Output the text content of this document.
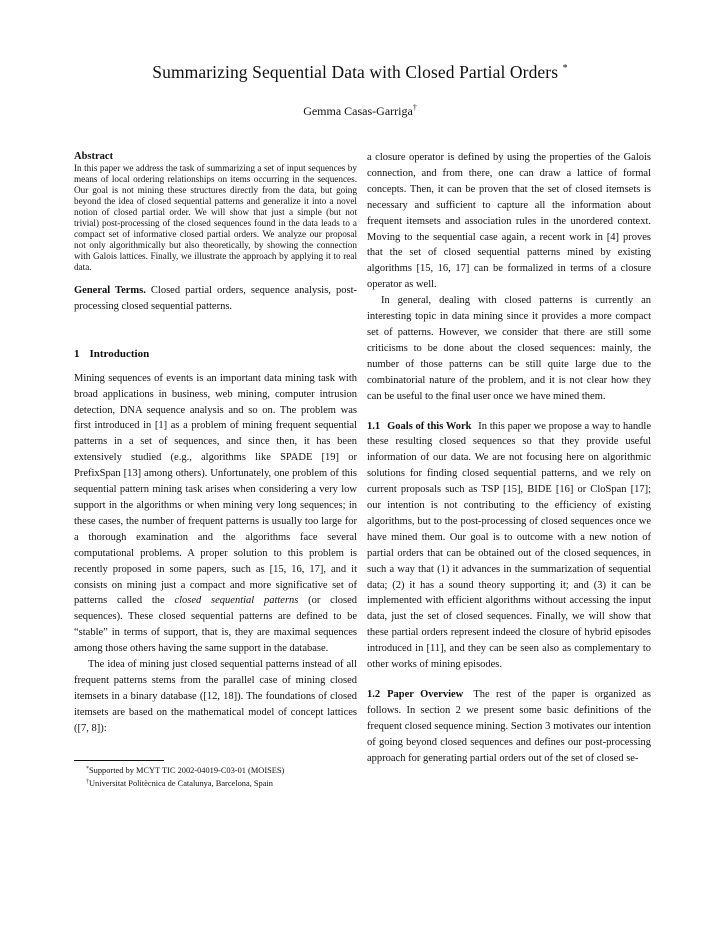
Summarizing Sequential Data with Closed Partial Orders *
Gemma Casas-Garriga†

Abstract

In this paper we address the task of summarizing a set of input sequences by means of local ordering relationships on items occurring in the sequences. Our goal is not mining these structures directly from the data, but going beyond the idea of closed sequential patterns and generalize it into a novel notion of closed partial order. We will show that just a simple (but not trivial) post-processing of the closed sequences found in the data leads to a compact set of informative closed partial orders. We analyze our proposal not only algorithmically but also theoretically, by showing the connection with Galois lattices. Finally, we illustrate the approach by applying it to real data.

General Terms. Closed partial orders, sequence analysis, post-processing closed sequential patterns.

1 Introduction

Mining sequences of events is an important data mining task with broad applications in business, web mining, computer intrusion detection, DNA sequence analysis and so on. The problem was first introduced in [1] as a problem of mining frequent sequential patterns in a set of sequences, and since then, it has been extensively studied (e.g., algorithms like SPADE [19] or PrefixSpan [13] among others). Unfortunately, one problem of this sequential pattern mining task arises when considering a very low support in the algorithms or when mining very long sequences; in these cases, the number of frequent patterns is usually too large for a thorough examination and the algorithms face several computational problems. A proper solution to this problem is recently proposed in some papers, such as [15, 16, 17], and it consists on mining just a compact and more significative set of patterns called the closed sequential patterns (or closed sequences). These closed sequential patterns are defined to be “stable” in terms of support, that is, they are maximal sequences among those others having the same support in the database.

The idea of mining just closed sequential patterns instead of all frequent patterns stems from the parallel case of mining closed itemsets in a binary database ([12, 18]). The foundations of closed itemsets are based on the mathematical model of concept lattices ([7, 8]):

*Supported by MCYT TIC 2002-04019-C03-01 (MOISES)
†Universitat Politècnica de Catalunya, Barcelona, Spain

a closure operator is defined by using the properties of the Galois connection, and from there, one can draw a lattice of formal concepts. Then, it can be proven that the set of closed itemsets is necessary and sufficient to capture all the information about frequent itemsets and association rules in the unordered context. Moving to the sequential case again, a recent work in [4] proves that the set of closed sequential patterns mined by existing algorithms [15, 16, 17] can be formalized in terms of a closure operator as well.

In general, dealing with closed patterns is currently an interesting topic in data mining since it provides a more compact set of patterns. However, we consider that there are still some criticisms to be done about the closed sequences: mainly, the number of those patterns can be still quite large due to the combinatorial nature of the problem, and it is not clear how they can be useful to the final user once we have mined them.

1.1 Goals of this Work In this paper we propose a way to handle these resulting closed sequences so that they provide useful information of our data. We are not focusing here on algorithmic solutions for finding closed sequential patterns, and we rely on current proposals such as TSP [15], BIDE [16] or CloSpan [17]; our intention is not contributing to the efficiency of existing algorithms, but to the post-processing of closed sequences once we have mined them. Our goal is to outcome with a new notion of partial orders that can be obtained out of the closed sequences, in such a way that (1) it advances in the summarization of sequential data; (2) it has a sound theory supporting it; and (3) it can be implemented with efficient algorithms without accessing the input data, just the set of closed sequences. Finally, we will show that these partial orders represent indeed the closure of hybrid episodes introduced in [11], and they can be seen also as complementary to other works of mining episodes.

1.2 Paper Overview The rest of the paper is organized as follows. In section 2 we present some basic definitions of the frequent closed sequence mining. Section 3 motivates our intention of going beyond closed sequences and defines our post-processing approach for generating partial orders out of the set of closed se-
